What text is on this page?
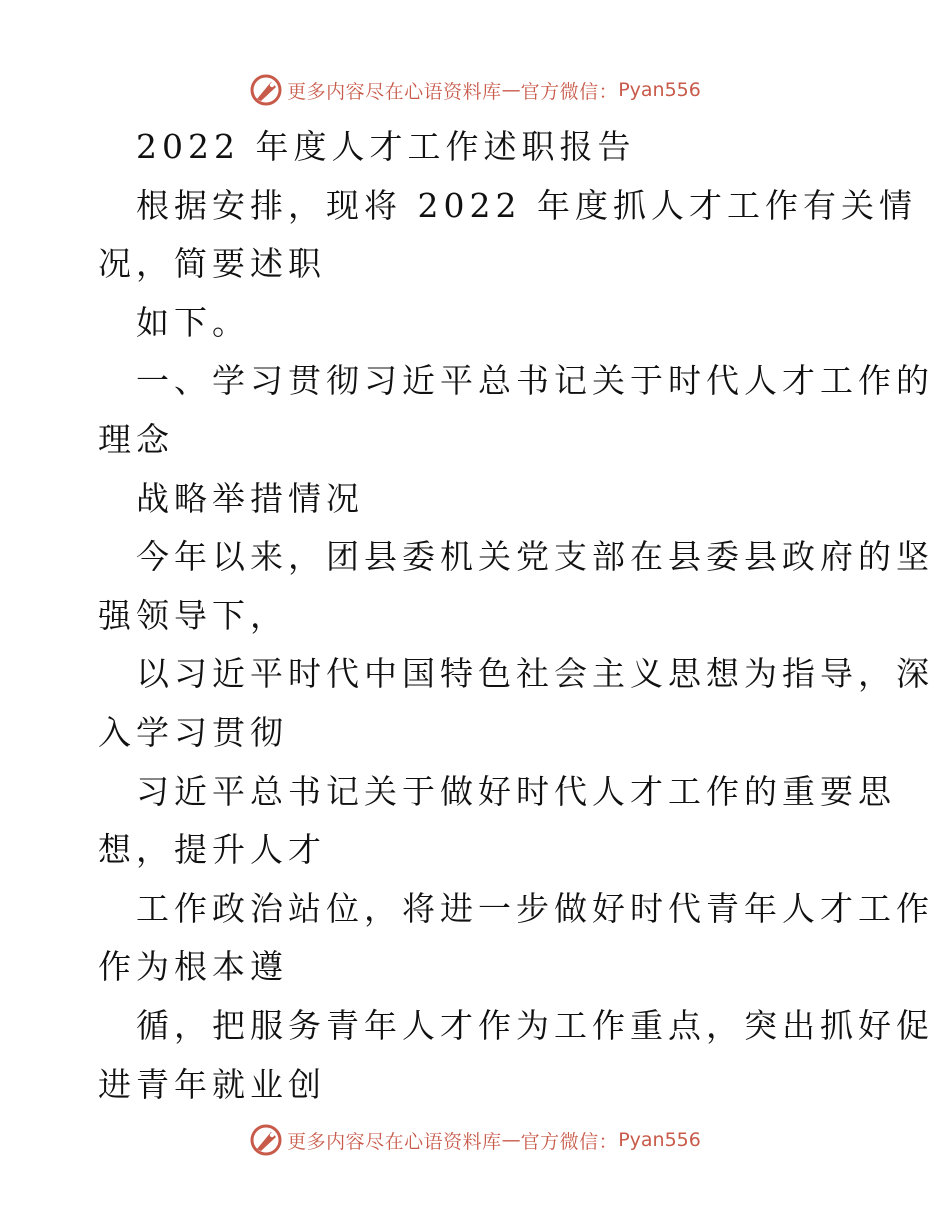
更多内容尽在心语资料库 — 官方微信： Pyan556
2022 年度人才工作述职报告
根据安排，现将 2022 年度抓人才工作有关情
况，简要述职
如下。
一、学习贯彻习近平总书记关于时代人才工作的
理念
战略举措情况
今年以来，团县委机关党支部在县委县政府的坚
强领导下，
以习近平时代中国特色社会主义思想为指导，深
入学习贯彻
习近平总书记关于做好时代人才工作的重要思
想，提升人才
工作政治站位，将进一步做好时代青年人才工作
作为根本遵
循，把服务青年人才作为工作重点，突出抓好促
进青年就业创
更多内容尽在心语资料库 — 官方微信： Pyan556
